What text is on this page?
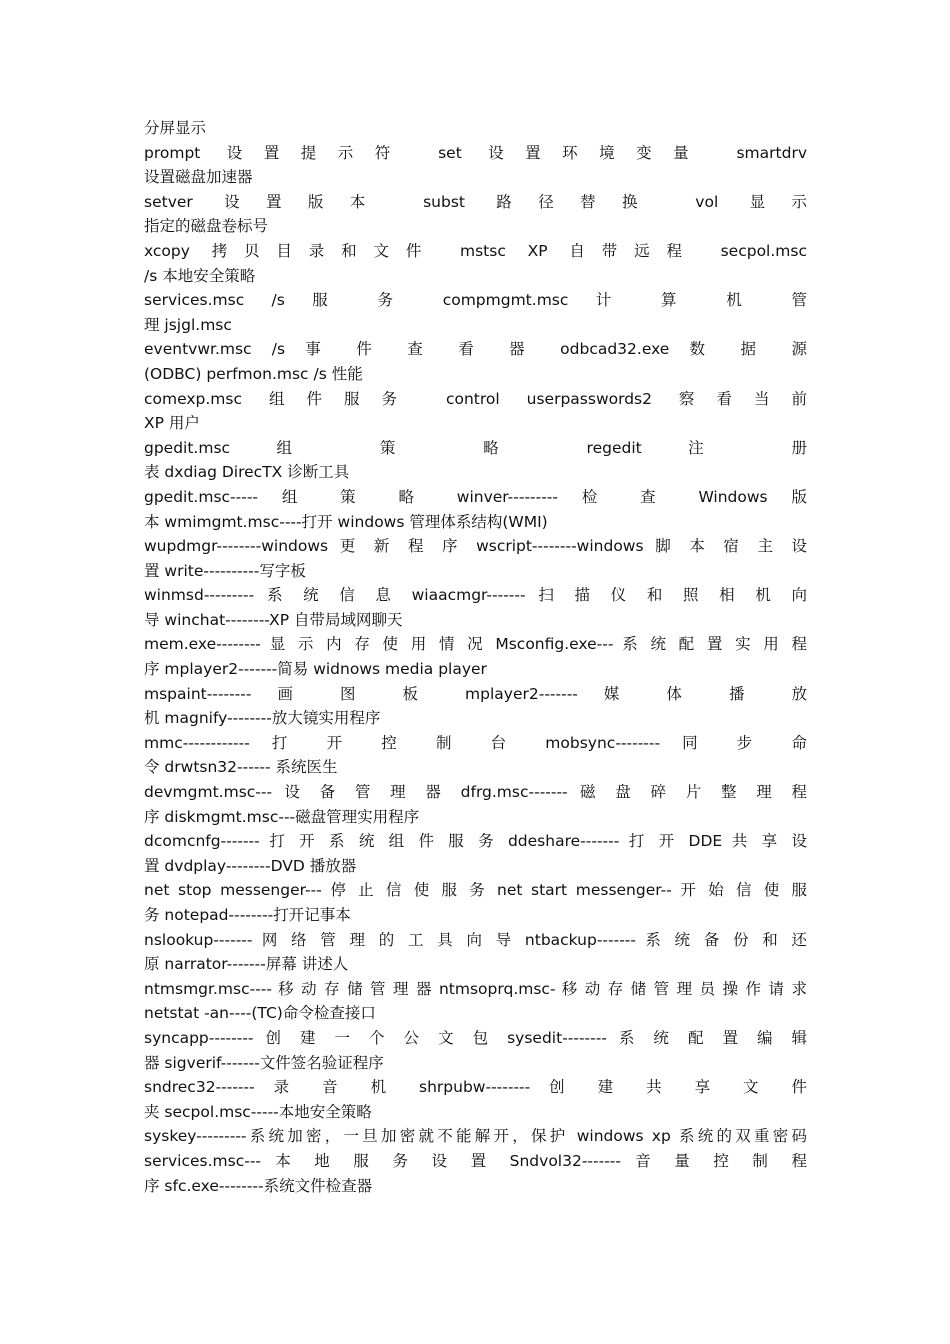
分屏显示
prompt 设置提示符 set 设置环境变量 smartdrv
设置磁盘加速器
setver 设置版本 subst 路径替换 vol 显示
指定的磁盘卷标号
xcopy 拷贝目录和文件 mstsc XP 自带远程 secpol.msc
/s 本地安全策略
services.msc /s 服 务 compmgmt.msc 计 算 机 管
理 jsjgl.msc
eventvwr.msc /s 事 件 查 看 器 odbcad32.exe 数 据 源
(ODBC) perfmon.msc /s 性能
comexp.msc 组件服务 control userpasswords2 察看当前
XP 用户
gpedit.msc 组 策 略 regedit 注 册
表 dxdiag DirecTX 诊断工具
gpedit.msc----- 组 策 略 winver--------- 检 查 Windows 版
本 wmimgmt.msc----打开 windows 管理体系结构(WMI)
wupdmgr--------windows 更 新 程 序 wscript--------windows 脚 本 宿 主 设
置 write----------写字板
winmsd--------- 系 统 信 息 wiaacmgr------- 扫 描 仪 和 照 相 机 向
导 winchat--------XP 自带局域网聊天
mem.exe-------- 显 示 内 存 使 用 情 况 Msconfig.exe--- 系 统 配 置 实 用 程
序 mplayer2-------简易 widnows media player
mspaint-------- 画 图 板 mplayer2------- 媒 体 播 放
机 magnify--------放大镜实用程序
mmc------------ 打 开 控 制 台 mobsync-------- 同 步 命
令 drwtsn32------ 系统医生
devmgmt.msc--- 设 备 管 理 器 dfrg.msc------- 磁 盘 碎 片 整 理 程
序 diskmgmt.msc---磁盘管理实用程序
dcomcnfg------- 打 开 系 统 组 件 服 务 ddeshare------- 打 开 DDE 共 享 设
置 dvdplay--------DVD 播放器
net stop messenger--- 停 止 信 使 服 务 net start messenger-- 开 始 信 使 服
务 notepad--------打开记事本
nslookup------- 网 络 管 理 的 工 具 向 导 ntbackup------- 系 统 备 份 和 还
原 narrator-------屏幕 讲述人
ntmsmgr.msc---- 移 动 存 储 管 理 器 ntmsoprq.msc- 移 动 存 储 管 理 员 操 作 请 求
netstat -an----(TC)命令检查接口
syncapp-------- 创 建 一 个 公 文 包 sysedit-------- 系 统 配 置 编 辑
器 sigverif-------文件签名验证程序
sndrec32------- 录 音 机 shrpubw-------- 创 建 共 享 文 件
夹 secpol.msc-----本地安全策略
syskey---------系统加密，一旦加密就不能解开，保护 windows xp 系统的双重密码
services.msc--- 本 地 服 务 设 置 Sndvol32------- 音 量 控 制 程
序 sfc.exe--------系统文件检查器
